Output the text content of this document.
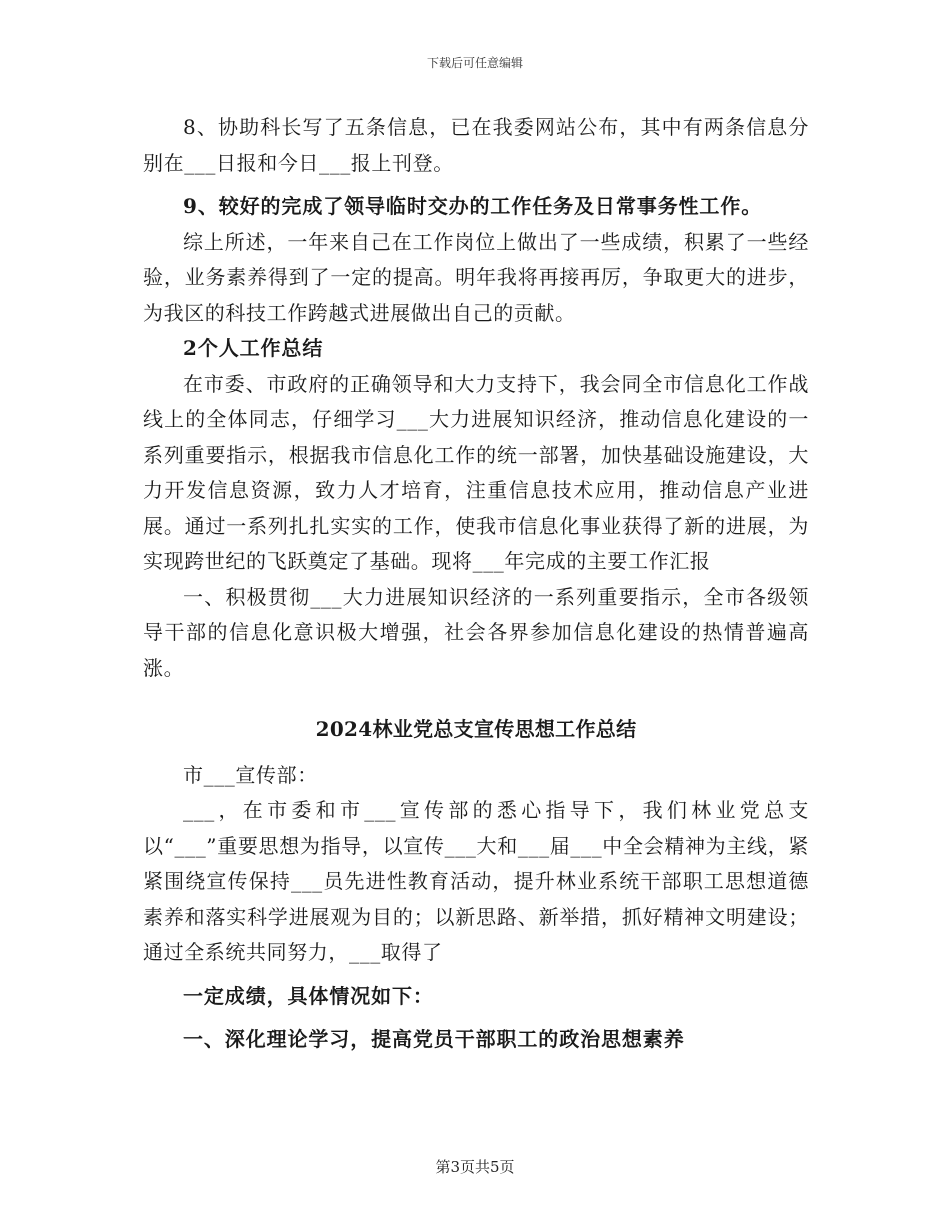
下载后可任意编辑

8、协助科长写了五条信息，已在我委网站公布，其中有两条信息分别在___日报和今日___报上刊登。

9、较好的完成了领导临时交办的工作任务及日常事务性工作。

综上所述，一年来自己在工作岗位上做出了一些成绩，积累了一些经验，业务素养得到了一定的提高。明年我将再接再厉，争取更大的进步，为我区的科技工作跨越式进展做出自己的贡献。

2个人工作总结

在市委、市政府的正确领导和大力支持下，我会同全市信息化工作战线上的全体同志，仔细学习___大力进展知识经济，推动信息化建设的一系列重要指示，根据我市信息化工作的统一部署，加快基础设施建设，大力开发信息资源，致力人才培育，注重信息技术应用，推动信息产业进展。通过一系列扎扎实实的工作，使我市信息化事业获得了新的进展，为实现跨世纪的飞跃奠定了基础。现将___年完成的主要工作汇报

一、积极贯彻___大力进展知识经济的一系列重要指示，全市各级领导干部的信息化意识极大增强，社会各界参加信息化建设的热情普遍高涨。

2024林业党总支宣传思想工作总结

市___宣传部：

___，在市委和市___宣传部的悉心指导下，我们林业党总支以“___”重要思想为指导，以宣传___大和___届___中全会精神为主线，紧紧围绕宣传保持___员先进性教育活动，提升林业系统干部职工思想道德素养和落实科学进展观为目的；以新思路、新举措，抓好精神文明建设；通过全系统共同努力，___取得了

一定成绩，具体情况如下：

一、深化理论学习，提高党员干部职工的政治思想素养

第3页共5页
